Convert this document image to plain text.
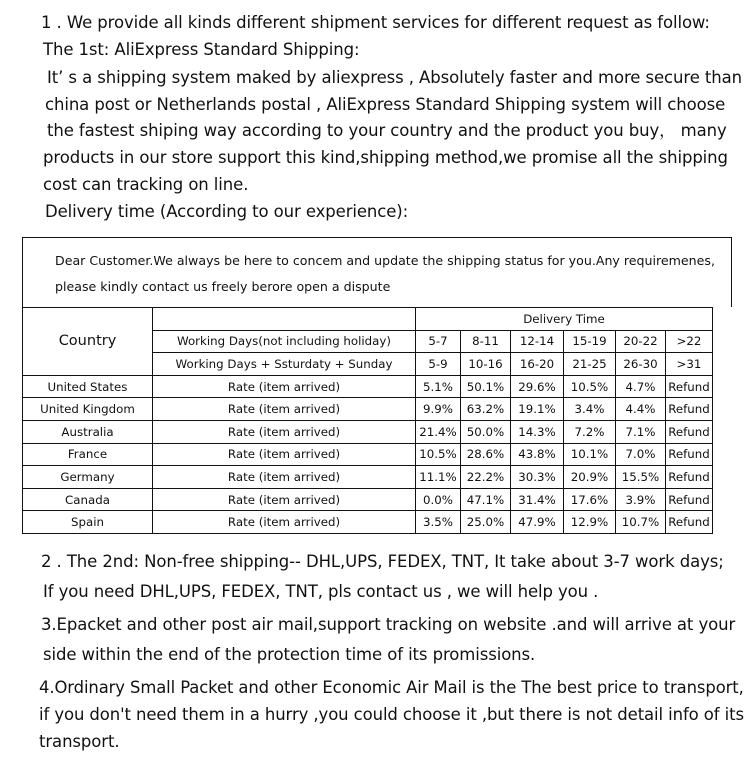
1 . We provide all kinds different shipment services for different request as follow:
The 1st: AliExpress Standard Shipping:
It’ s a shipping system maked by aliexpress , Absolutely faster and more secure than
china post or Netherlands postal , AliExpress Standard Shipping system will choose
the fastest shiping way according to your country and the product you buy， many
products in our store support this kind,shipping method,we promise all the shipping
cost can tracking on line.
Delivery time (According to our experience):
Dear Customer.We always be here to concem and update the shipping status for you.Any requiremenes,
please kindly contact us freely berore open a dispute
Country		Delivery Time					
	Working Days(not including holiday)	5-7	8-11	12-14	15-19	20-22	>22
	Working Days + Ssturdaty + Sunday	5-9	10-16	16-20	21-25	26-30	>31
United States	Rate (item arrived)	5.1%	50.1%	29.6%	10.5%	4.7%	Refund
United Kingdom	Rate (item arrived)	9.9%	63.2%	19.1%	3.4%	4.4%	Refund
Australia	Rate (item arrived)	21.4%	50.0%	14.3%	7.2%	7.1%	Refund
France	Rate (item arrived)	10.5%	28.6%	43.8%	10.1%	7.0%	Refund
Germany	Rate (item arrived)	11.1%	22.2%	30.3%	20.9%	15.5%	Refund
Canada	Rate (item arrived)	0.0%	47.1%	31.4%	17.6%	3.9%	Refund
Spain	Rate (item arrived)	3.5%	25.0%	47.9%	12.9%	10.7%	Refund
2 . The 2nd: Non-free shipping-- DHL,UPS, FEDEX, TNT, It take about 3-7 work days;
If you need DHL,UPS, FEDEX, TNT, pls contact us , we will help you .
3.Epacket and other post air mail,support tracking on website .and will arrive at your
side within the end of the protection time of its promissions.
4.Ordinary Small Packet and other Economic Air Mail is the The best price to transport,
if you don't need them in a hurry ,you could choose it ,but there is not detail info of its
transport.
